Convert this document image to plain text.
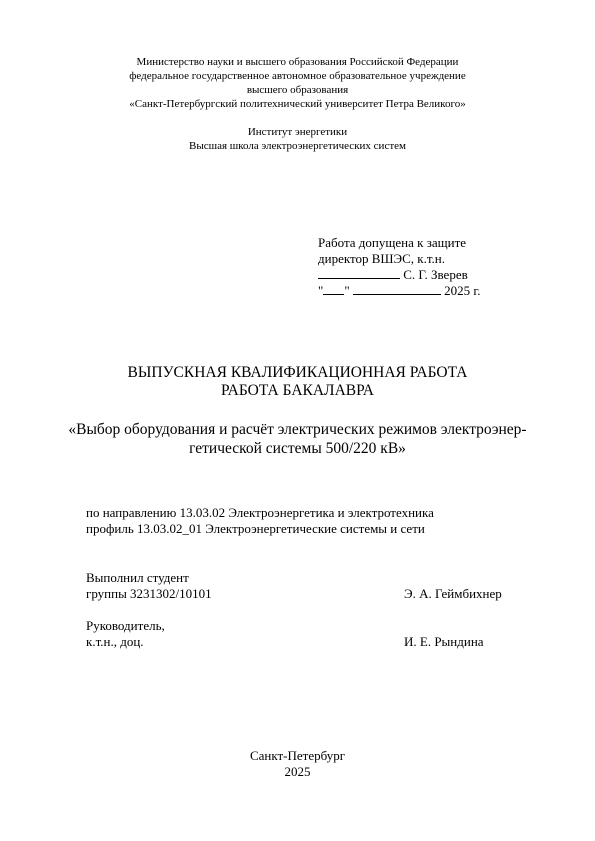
Министерство науки и высшего образования Российской Федерации
федеральное государственное автономное образовательное учреждение
высшего образования
«Санкт-Петербургский политехнический университет Петра Великого»
Институт энергетики
Высшая школа электроэнергетических систем
Работа допущена к защите
директор ВШЭС, к.т.н.
С. Г. Зверев
" "	2025 г.
ВЫПУСКНАЯ КВАЛИФИКАЦИОННАЯ РАБОТА
РАБОТА БАКАЛАВРА
«Выбор оборудования и расчёт электрических режимов электроэнер-
гетической системы 500/220 кВ»
по направлению 13.03.02 Электроэнергетика и электротехника
профиль 13.03.02_01 Электроэнергетические системы и сети
Выполнил студент
группы 3231302/10101	Э. А. Геймбихнер
Руководитель,
к.т.н., доц.	И. Е. Рындина
Санкт-Петербург
2025
